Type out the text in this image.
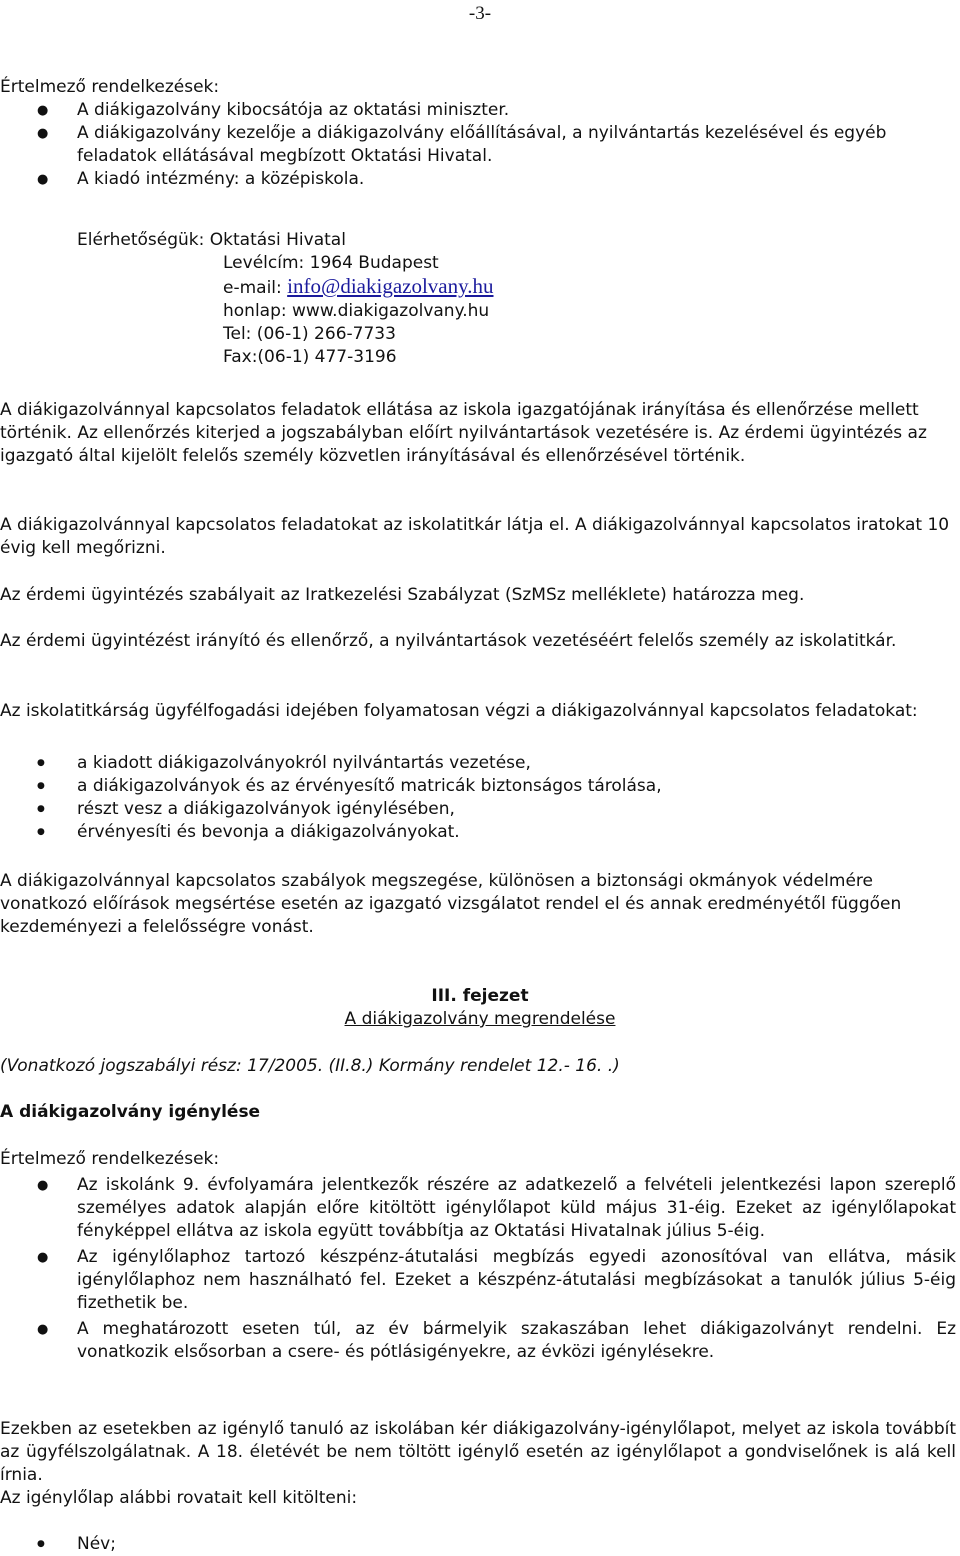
-3-

Értelmező rendelkezések:

● A diákigazolvány kibocsátója az oktatási miniszter.
● A diákigazolvány kezelője a diákigazolvány előállításával, a nyilvántartás kezelésével és egyéb feladatok ellátásával megbízott Oktatási Hivatal.
● A kiadó intézmény: a középiskola.

Elérhetőségük: Oktatási Hivatal

Levélcím: 1964 Budapest

e-mail: info@diakigazolvany.hu

honlap: www.diakigazolvany.hu

Tel: (06-1) 266-7733

Fax:(06-1) 477-3196

A diákigazolvánnyal kapcsolatos feladatok ellátása az iskola igazgatójának irányítása és ellenőrzése mellett történik. Az ellenőrzés kiterjed a jogszabályban előírt nyilvántartások vezetésére is. Az érdemi ügyintézés az igazgató által kijelölt felelős személy közvetlen irányításával és ellenőrzésével történik.

A diákigazolvánnyal kapcsolatos feladatokat az iskolatitkár látja el. A diákigazolvánnyal kapcsolatos iratokat 10 évig kell megőrizni.

Az érdemi ügyintézés szabályait az Iratkezelési Szabályzat (SzMSz melléklete) határozza meg.

Az érdemi ügyintézést irányító és ellenőrző, a nyilvántartások vezetéséért felelős személy az iskolatitkár.

Az iskolatitkárság ügyfélfogadási idejében folyamatosan végzi a diákigazolvánnyal kapcsolatos feladatokat:

● a kiadott diákigazolványokról nyilvántartás vezetése,
● a diákigazolványok és az érvényesítő matricák biztonságos tárolása,
● részt vesz a diákigazolványok igénylésében,
● érvényesíti és bevonja a diákigazolványokat.

A diákigazolvánnyal kapcsolatos szabályok megszegése, különösen a biztonsági okmányok védelmére vonatkozó előírások megsértése esetén az igazgató vizsgálatot rendel el és annak eredményétől függően kezdeményezi a felelősségre vonást.

III. fejezet
A diákigazolvány megrendelése

(Vonatkozó jogszabályi rész: 17/2005. (II.8.) Kormány rendelet 12.- 16. .)

A diákigazolvány igénylése

Értelmező rendelkezések:

● Az iskolánk 9. évfolyamára jelentkezők részére az adatkezelő a felvételi jelentkezési lapon szereplő személyes adatok alapján előre kitöltött igénylőlapot küld május 31-éig. Ezeket az igénylőlapokat fényképpel ellátva az iskola együtt továbbítja az Oktatási Hivatalnak július 5-éig.
● Az igénylőlaphoz tartozó készpénz-átutalási megbízás egyedi azonosítóval van ellátva, másik igénylőlaphoz nem használható fel. Ezeket a készpénz-átutalási megbízásokat a tanulók július 5-éig fizethetik be.
● A meghatározott eseten túl, az év bármelyik szakaszában lehet diákigazolványt rendelni. Ez vonatkozik elsősorban a csere- és pótlásigényekre, az évközi igénylésekre.

Ezekben az esetekben az igénylő tanuló az iskolában kér diákigazolvány-igénylőlapot, melyet az iskola továbbít az ügyfélszolgálatnak. A 18. életévét be nem töltött igénylő esetén az igénylőlapot a gondviselőnek is alá kell írnia.

Az igénylőlap alábbi rovatait kell kitölteni:

● Név;
